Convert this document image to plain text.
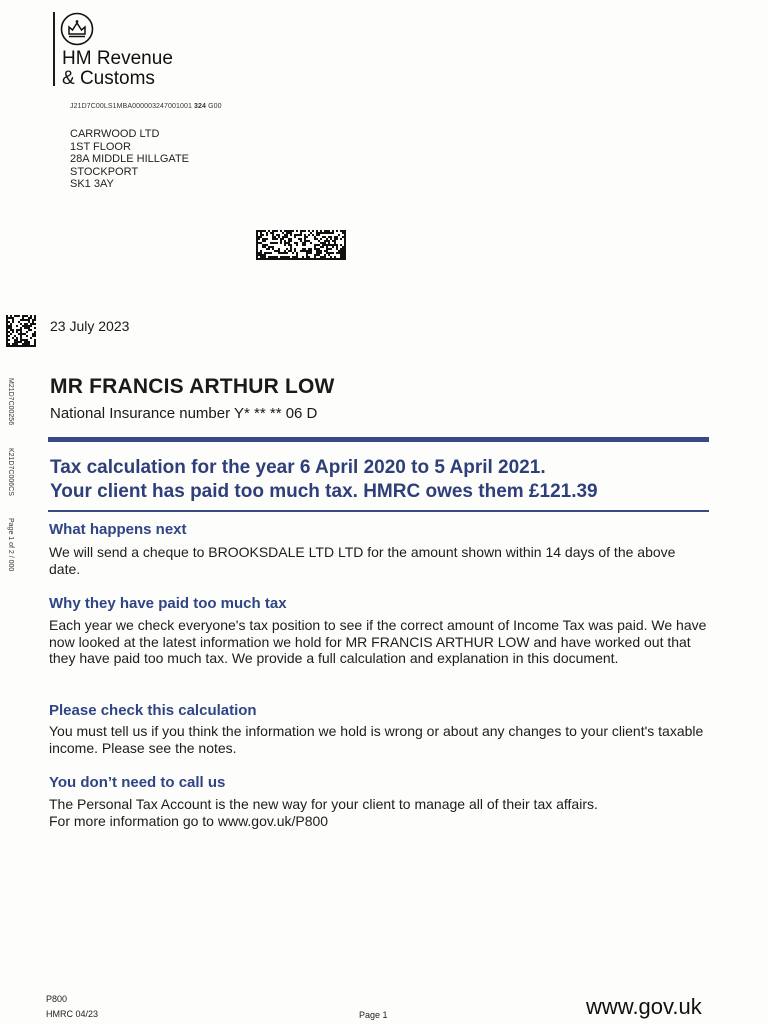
HM Revenue
& Customs
J21D7C00LS1MBA000003247001001 324 G00
CARRWOOD LTD
1ST FLOOR
28A MIDDLE HILLGATE
STOCKPORT
SK1 3AY
M21D7C00256
K21D7C006CS
Page 1 of 2 / 000
23 July 2023
MR FRANCIS ARTHUR LOW
National Insurance number Y* ** ** 06 D
Tax calculation for the year 6 April 2020 to 5 April 2021.
Your client has paid too much tax. HMRC owes them £121.39
What happens next
We will send a cheque to BROOKSDALE LTD LTD for the amount shown within 14 days of the above date.
Why they have paid too much tax
Each year we check everyone's tax position to see if the correct amount of Income Tax was paid. We have now looked at the latest information we hold for MR FRANCIS ARTHUR LOW and have worked out that they have paid too much tax. We provide a full calculation and explanation in this document.
Please check this calculation
You must tell us if you think the information we hold is wrong or about any changes to your client's taxable income. Please see the notes.
You don’t need to call us
The Personal Tax Account is the new way for your client to manage all of their tax affairs.
For more information go to www.gov.uk/P800
P800
HMRC 04/23	Page 1	www.gov.uk
